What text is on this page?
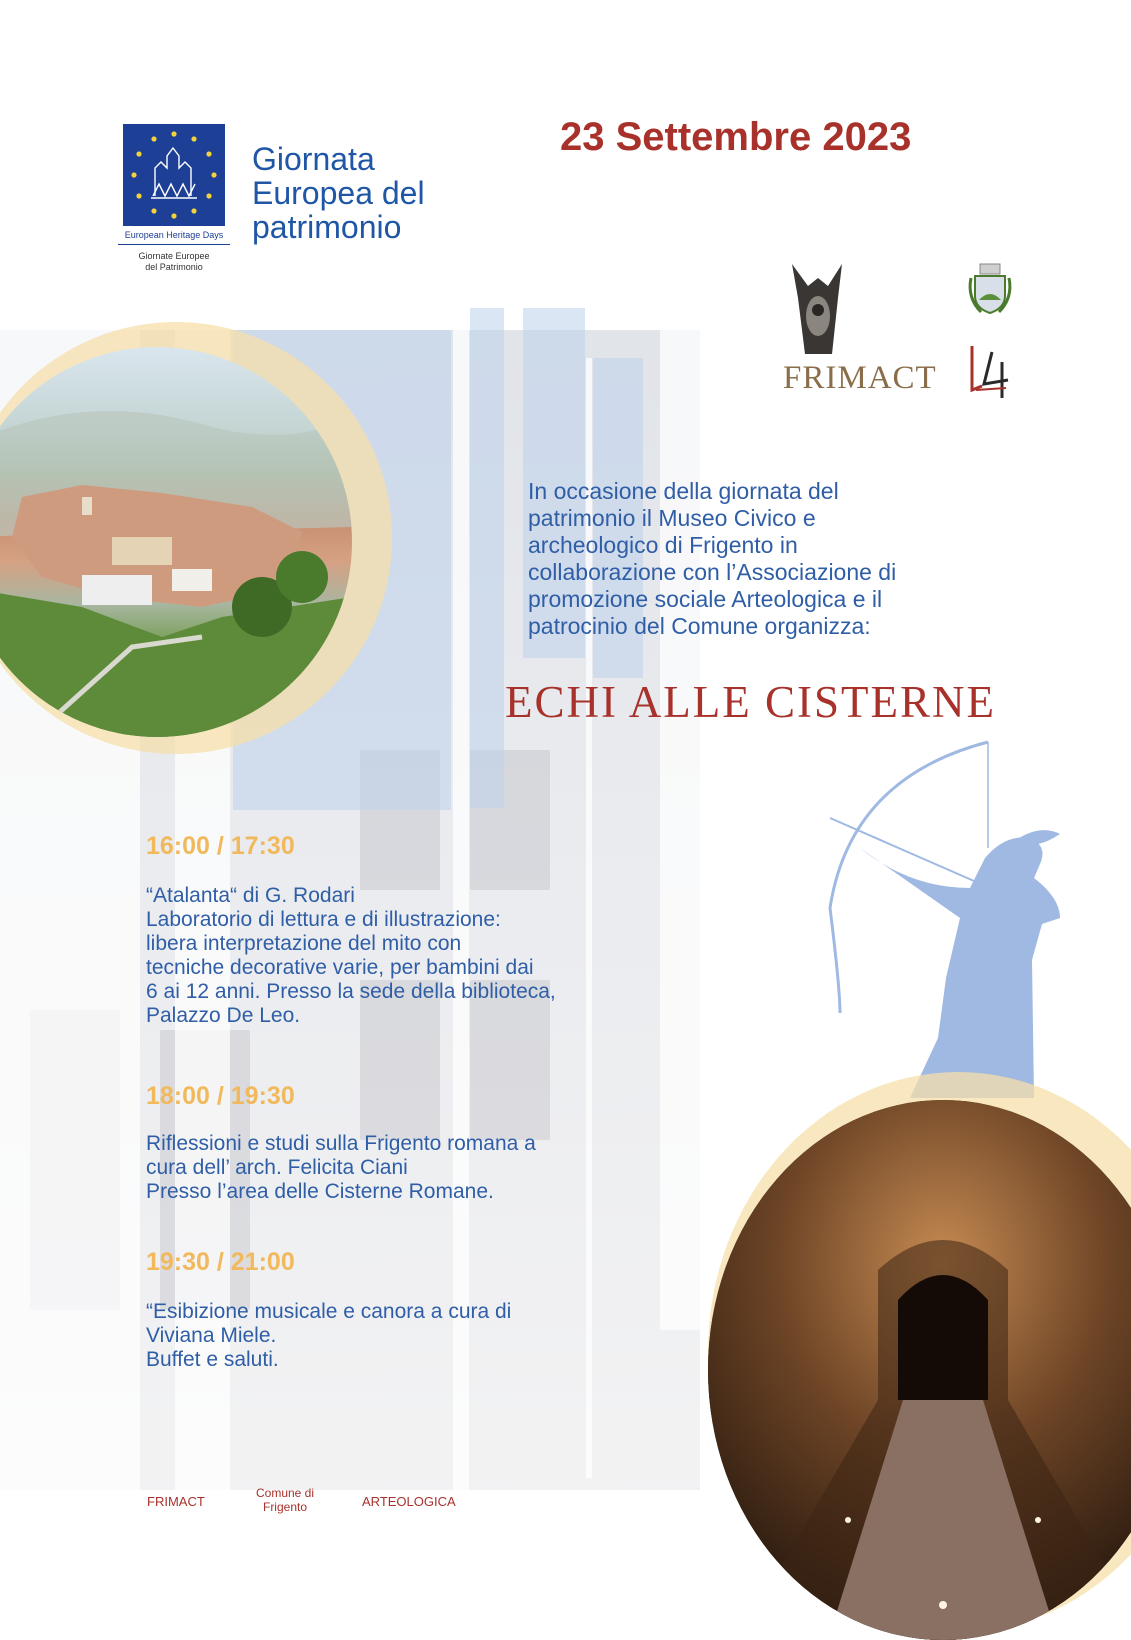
European Heritage Days
Giornate Europee
del Patrimonio
Giornata
Europea del
patrimonio
23 Settembre 2023
FRIMACT
In occasione della giornata del
patrimonio il Museo Civico e
archeologico di Frigento in
collaborazione con l’Associazione di
promozione sociale Arteologica e il
patrocinio del Comune organizza:
ECHI ALLE CISTERNE
16:00 / 17:30
“Atalanta“ di G. Rodari
Laboratorio di lettura e di illustrazione:
libera interpretazione del mito con
tecniche decorative varie, per bambini dai
6 ai 12 anni. Presso la sede della biblioteca,
Palazzo De Leo.
18:00 / 19:30
Riflessioni e studi sulla Frigento romana a
cura dell’ arch. Felicita Ciani
Presso l’area delle Cisterne Romane.
19:30 / 21:00
“Esibizione musicale e canora a cura di
Viviana Miele.
Buffet e saluti.
FRIMACT
Comune di
Frigento	ARTEOLOGICA
